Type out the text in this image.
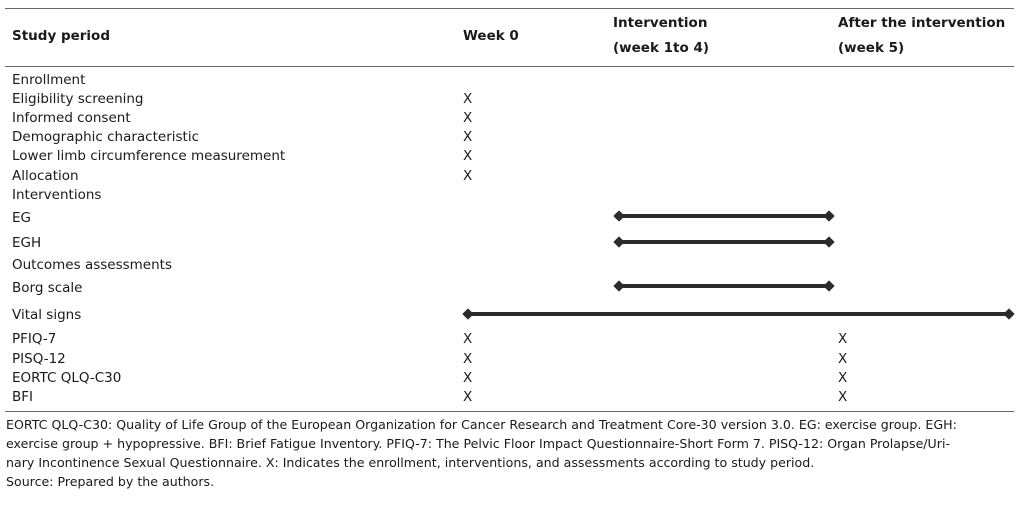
Study period	Week 0
Intervention
(week 1to 4)
After the intervention
(week 5)
Enrollment
Eligibility screening
Informed consent
Demographic characteristic
Lower limb circumference measurement
Allocation
Interventions
EG
EGH
Outcomes assessments
Borg scale
Vital signs
PFIQ-7
PISQ-12
EORTC QLQ-C30
BFI
X
X
X
X
X
X
X
X
X
X
X
X
X
EORTC QLQ-C30: Quality of Life Group of the European Organization for Cancer Research and Treatment Core-30 version 3.0. EG: exercise group. EGH:
exercise group + hypopressive. BFI: Brief Fatigue Inventory. PFIQ-7: The Pelvic Floor Impact Questionnaire-Short Form 7. PISQ-12: Organ Prolapse/Uri-
nary Incontinence Sexual Questionnaire. X: Indicates the enrollment, interventions, and assessments according to study period.
Source: Prepared by the authors.
